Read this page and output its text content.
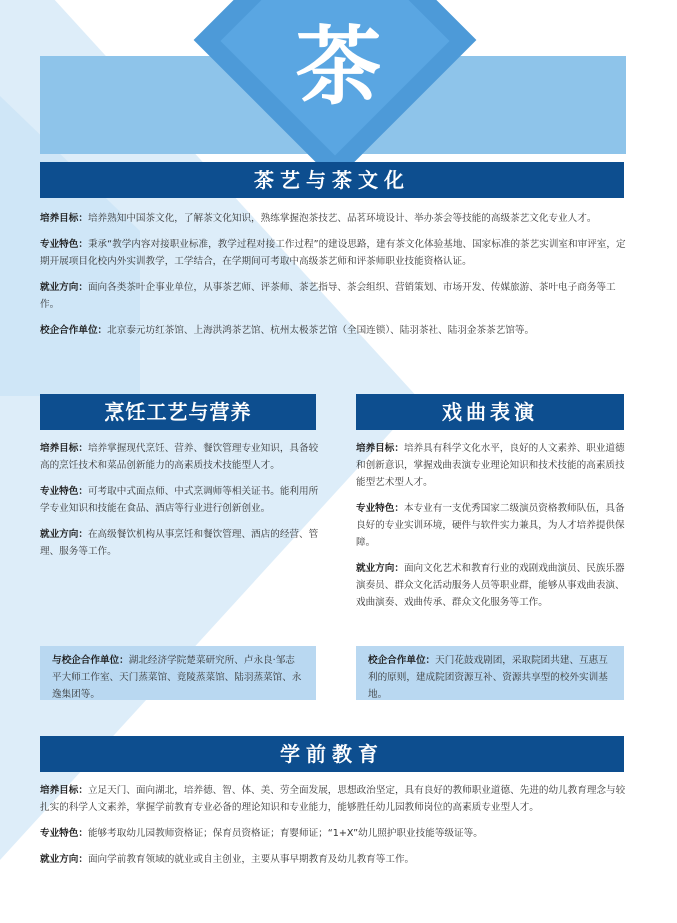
茶
茶艺与茶文化

培养目标：培养熟知中国茶文化，了解茶文化知识，熟练掌握泡茶技艺、品茗环境设计、举办茶会等技能的高级茶艺文化专业人才。

专业特色：秉承“教学内容对接职业标准，教学过程对接工作过程”的建设思路，建有茶文化体验基地、国家标准的茶艺实训室和审评室，定期开展项目化校内外实训教学，工学结合，在学期间可考取中高级茶艺师和评茶师职业技能资格认证。

就业方向：面向各类茶叶企事业单位，从事茶艺师、评茶师、茶艺指导、茶会组织、营销策划、市场开发、传媒旅游、茶叶电子商务等工作。

校企合作单位：北京泰元坊红茶馆、上海洪鸿茶艺馆、杭州太极茶艺馆（全国连锁）、陆羽茶社、陆羽金茶茶艺馆等。

烹饪工艺与营养

培养目标：培养掌握现代烹饪、营养、餐饮管理专业知识，具备较高的烹饪技术和菜品创新能力的高素质技术技能型人才。

专业特色：可考取中式面点师、中式烹调师等相关证书。能利用所学专业知识和技能在食品、酒店等行业进行创新创业。

就业方向：在高级餐饮机构从事烹饪和餐饮管理、酒店的经营、管理、服务等工作。

与校企合作单位：湖北经济学院楚菜研究所、卢永良·邹志平大师工作室、天门蒸菜馆、竟陵蒸菜馆、陆羽蒸菜馆、永逸集团等。
戏曲表演

培养目标：培养具有科学文化水平，良好的人文素养、职业道德和创新意识，掌握戏曲表演专业理论知识和技术技能的高素质技能型艺术型人才。

专业特色：本专业有一支优秀国家二级演员资格教师队伍，具备良好的专业实训环境，硬件与软件实力兼具，为人才培养提供保障。

就业方向：面向文化艺术和教育行业的戏剧戏曲演员、民族乐器演奏员、群众文化活动服务人员等职业群，能够从事戏曲表演、戏曲演奏、戏曲传承、群众文化服务等工作。

校企合作单位：天门花鼓戏剧团，采取院团共建、互惠互利的原则，建成院团资源互补、资源共享型的校外实训基地。
学前教育

培养目标：立足天门、面向湖北，培养德、智、体、美、劳全面发展，思想政治坚定，具有良好的教师职业道德、先进的幼儿教育理念与较扎实的科学人文素养，掌握学前教育专业必备的理论知识和专业能力，能够胜任幼儿园教师岗位的高素质专业型人才。

专业特色：能够考取幼儿园教师资格证；保育员资格证；育婴师证；“1+X”幼儿照护职业技能等级证等。

就业方向：面向学前教育领域的就业或自主创业，主要从事早期教育及幼儿教育等工作。
